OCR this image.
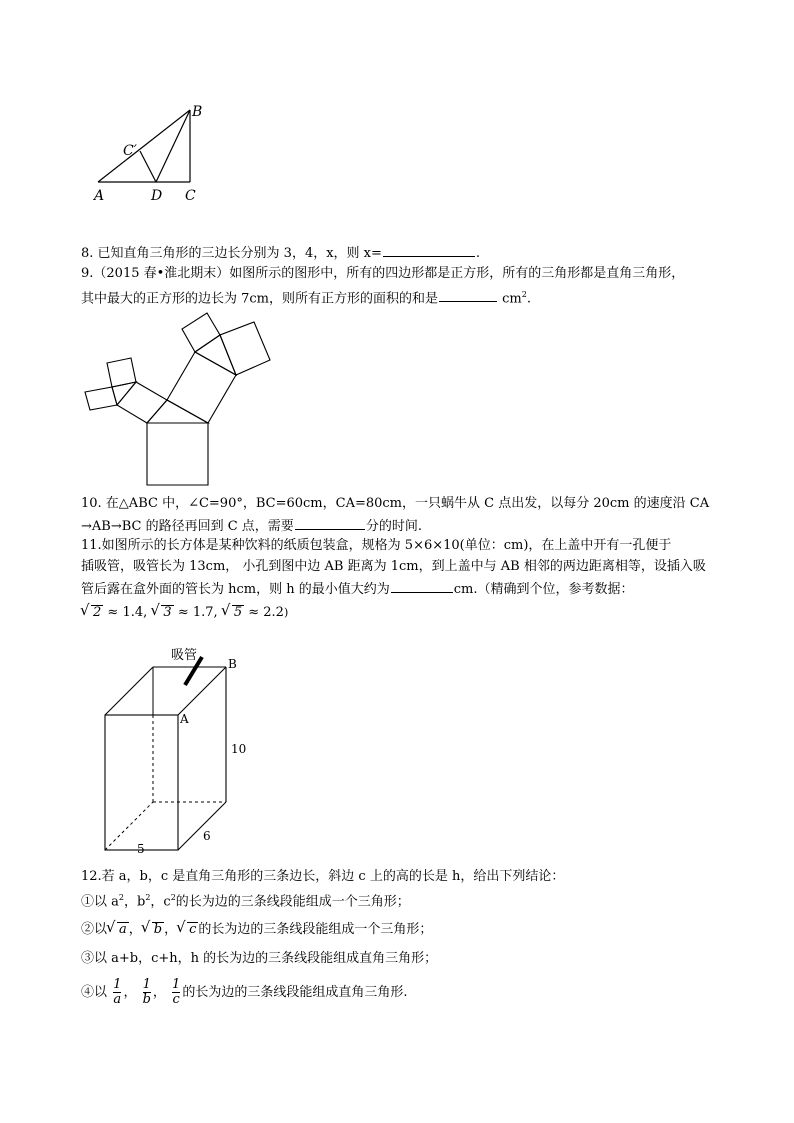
B
C′
A	D C
8. 已知直角三角形的三边长分别为 3，4，x，则 x=	.
9.（2015 春•淮北期末）如图所示的图形中，所有的四边形都是正方形，所有的三角形都是直角三角形，
其中最大的正方形的边长为 7cm，则所有正方形的面积的和是	$cm^2$.
10. 在△ABC 中，∠C=90°，BC=60cm，CA=80cm，一只蜗牛从 C 点出发，以每分 20cm 的速度沿 CA
→AB→BC 的路径再回到 C 点，需要	分的时间.
11.如图所示的长方体是某种饮料的纸质包装盒，规格为 5×6×10(单位：cm)，在上盖中开有一孔便于
插吸管，吸管长为 13cm， 小孔到图中边 AB 距离为 1cm，到上盖中与 AB 相邻的两边距离相等，设插入吸
管后露在盒外面的管长为 hcm，则 h 的最小值大约为	cm.（精确到个位，参考数据：
√ 2 ≈ 1.4, √ 3 ≈ 1.7, √ 5 ≈ 2.2)
吸管
B
A
10
6
5
12.若 a，b，c 是直角三角形的三条边长，斜边 c 上的高的长是 h，给出下列结论：
①以 $a^2$，$b^2$，$c^2$的长为边的三条线段能组成一个三角形；
②以 √ a ， √ b ， √ c 的长为边的三条线段能组成一个三角形；
③以 a+b，c+h，h 的长为边的三条线段能组成直角三角形；
④以 $\frac{1}{a}$ ， $\frac{1}{b}$ ， $\frac{1}{c}$ 的长为边的三条线段能组成直角三角形.
